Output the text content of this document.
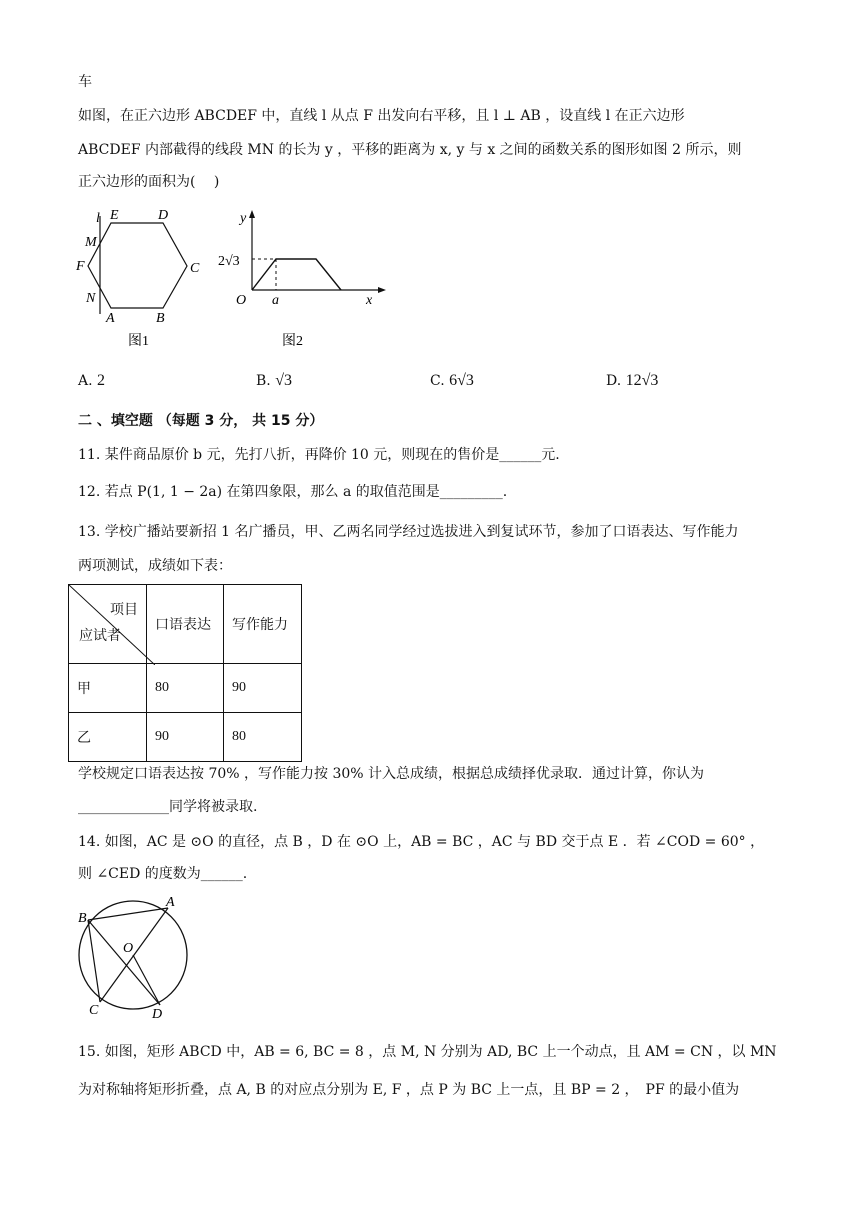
车
如图，在正六边形 ABCDEF 中，直线 l 从点 F 出发向右平移，且 l ⊥ AB ，设直线 l 在正六边形
ABCDEF 内部截得的线段 MN 的长为 y ，平移的距离为 x, y 与 x 之间的函数关系的图形如图 2 所示，则
正六边形的面积为(　 )
l E	D
M
F	C
N
A	B
图1
y
2√3
O a	x
图2
A. 2	B. √3	C. 6√3	D. 12√3
二 、填空题 （每题 3 分， 共 15 分）
11. 某件商品原价 b 元，先打八折，再降价 10 元，则现在的售价是______元.
12. 若点 P(1, 1 − 2a) 在第四象限，那么 a 的取值范围是_________.
13. 学校广播站要新招 1 名广播员，甲、乙两名同学经过选拔进入到复试环节，参加了口语表达、写作能力
两项测试，成绩如下表：
项目
应试者	口语表达	写作能力
甲	80	90
乙	90	80
学校规定口语表达按 70% ，写作能力按 30% 计入总成绩，根据总成绩择优录取．通过计算，你认为
_____________同学将被录取.
14. 如图，AC 是 ⊙O 的直径，点 B ，D 在 ⊙O 上，AB = BC ，AC 与 BD 交于点 E ．若 ∠COD = 60° ，
则 ∠CED 的度数为______.
A
B
O
C	D
15. 如图，矩形 ABCD 中，AB = 6, BC = 8 ，点 M, N 分别为 AD, BC 上一个动点，且 AM = CN ，以 MN
为对称轴将矩形折叠，点 A, B 的对应点分别为 E, F ，点 P 为 BC 上一点，且 BP = 2 ，　PF 的最小值为
